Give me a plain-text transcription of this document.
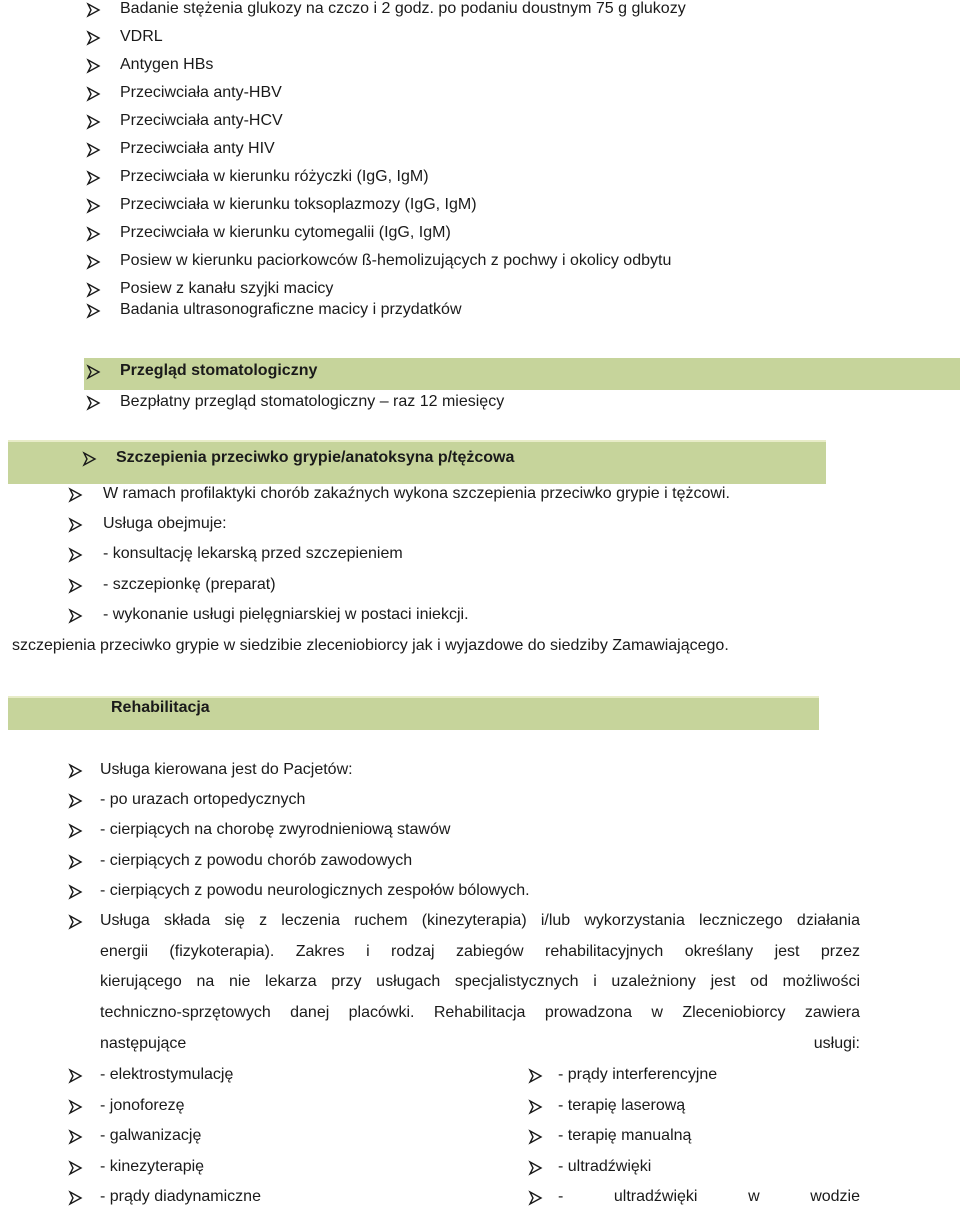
Badanie stężenia glukozy na czczo i 2 godz. po podaniu doustnym 75 g glukozy
VDRL
Antygen HBs
Przeciwciała anty-HBV
Przeciwciała anty-HCV
Przeciwciała anty HIV
Przeciwciała w kierunku różyczki (IgG, IgM)
Przeciwciała w kierunku toksoplazmozy (IgG, IgM)
Przeciwciała w kierunku cytomegalii (IgG, IgM)
Posiew w kierunku paciorkowców ß-hemolizujących z pochwy i okolicy odbytu
Posiew z kanału szyjki macicy
Badania ultrasonograficzne macicy i przydatków
Przegląd stomatologiczny
Bezpłatny przegląd stomatologiczny – raz 12 miesięcy
Szczepienia przeciwko grypie/anatoksyna p/tężcowa
W ramach profilaktyki chorób zakaźnych wykona szczepienia przeciwko grypie i tężcowi.
Usługa obejmuje:
- konsultację lekarską przed szczepieniem
- szczepionkę (preparat)
- wykonanie usługi pielęgniarskiej w postaci iniekcji.
szczepienia przeciwko grypie w siedzibie zleceniobiorcy jak i wyjazdowe do siedziby Zamawiającego.
Rehabilitacja
Usługa kierowana jest do Pacjetów:
- po urazach ortopedycznych
- cierpiących na chorobę zwyrodnieniową stawów
- cierpiących z powodu chorób zawodowych
- cierpiących z powodu neurologicznych zespołów bólowych.
Usługa składa się z leczenia ruchem (kinezyterapia) i/lub wykorzystania leczniczego działania
energii (fizykoterapia). Zakres i rodzaj zabiegów rehabilitacyjnych określany jest przez
kierującego na nie lekarza przy usługach specjalistycznych i uzależniony jest od możliwości
techniczno-sprzętowych danej placówki. Rehabilitacja prowadzona w Zleceniobiorcy zawiera
następujące	usługi:
- elektrostymulację
- jonoforezę
- galwanizację
- kinezyterapię
- prądy diadynamiczne
- prądy interferencyjne
- terapię laserową
- terapię manualną
- ultradźwięki
- ultradźwięki w wodzie
